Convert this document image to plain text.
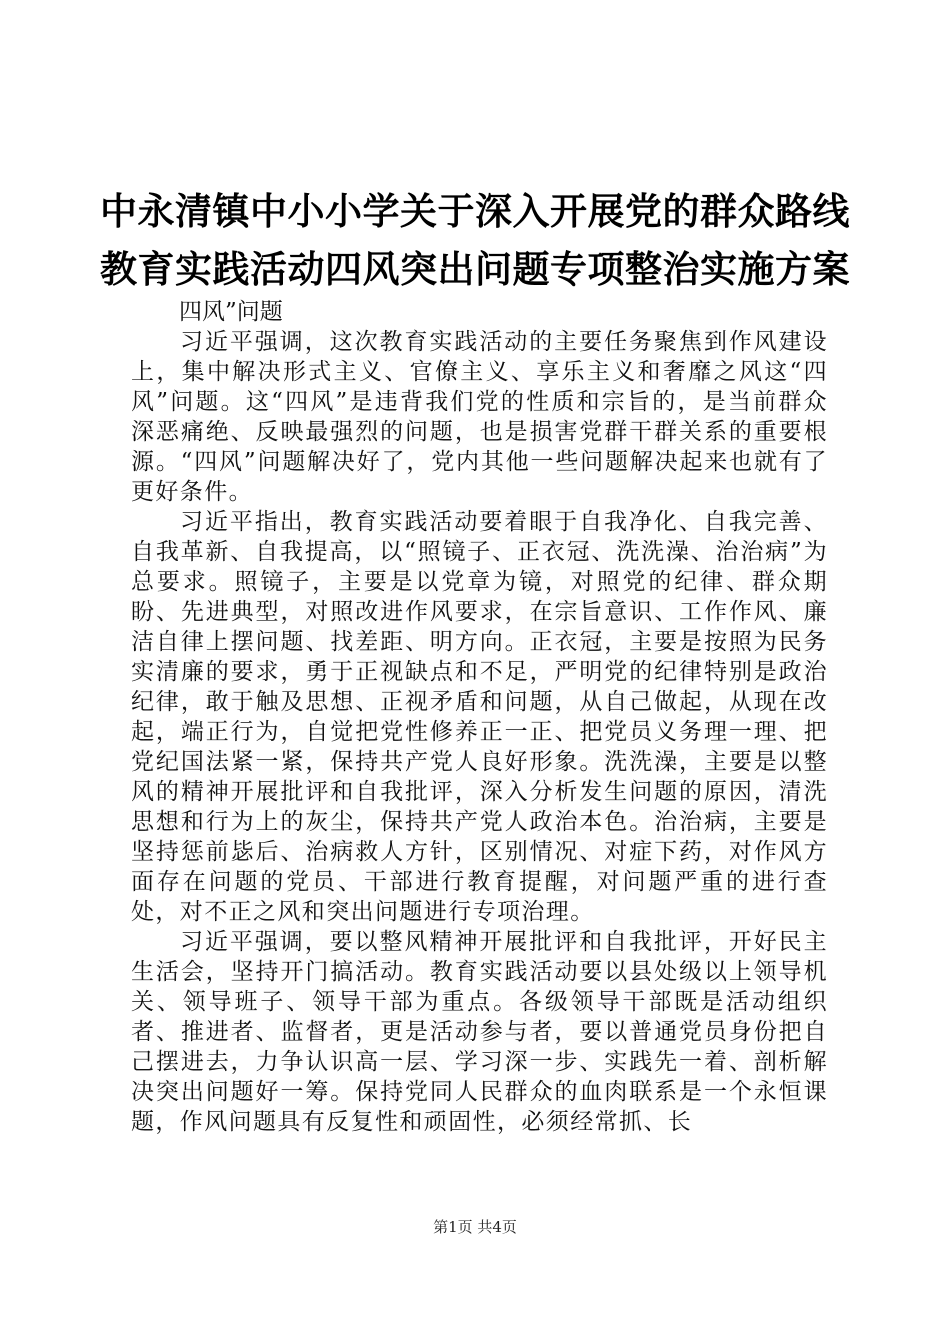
中永清镇中小小学关于深入开展党的群众路线
教育实践活动四风突出问题专项整治实施方案
四风”问题

习近平强调，这次教育实践活动的主要任务聚焦到作风建设上，集中解决形式主义、官僚主义、享乐主义和奢靡之风这“四风”问题。这“四风”是违背我们党的性质和宗旨的，是当前群众深恶痛绝、反映最强烈的问题，也是损害党群干群关系的重要根源。“四风”问题解决好了，党内其他一些问题解决起来也就有了更好条件。

习近平指出，教育实践活动要着眼于自我净化、自我完善、自我革新、自我提高，以“照镜子、正衣冠、洗洗澡、治治病”为总要求。照镜子，主要是以党章为镜，对照党的纪律、群众期盼、先进典型，对照改进作风要求，在宗旨意识、工作作风、廉洁自律上摆问题、找差距、明方向。正衣冠，主要是按照为民务实清廉的要求，勇于正视缺点和不足，严明党的纪律特别是政治纪律，敢于触及思想、正视矛盾和问题，从自己做起，从现在改起，端正行为，自觉把党性修养正一正、把党员义务理一理、把党纪国法紧一紧，保持共产党人良好形象。洗洗澡，主要是以整风的精神开展批评和自我批评，深入分析发生问题的原因，清洗思想和行为上的灰尘，保持共产党人政治本色。治治病，主要是坚持惩前毖后、治病救人方针，区别情况、对症下药，对作风方面存在问题的党员、干部进行教育提醒，对问题严重的进行查处，对不正之风和突出问题进行专项治理。

习近平强调，要以整风精神开展批评和自我批评，开好民主生活会，坚持开门搞活动。教育实践活动要以县处级以上领导机关、领导班子、领导干部为重点。各级领导干部既是活动组织者、推进者、监督者，更是活动参与者，要以普通党员身份把自己摆进去，力争认识高一层、学习深一步、实践先一着、剖析解决突出问题好一筹。保持党同人民群众的血肉联系是一个永恒课题，作风问题具有反复性和顽固性，必须经常抓、长

第1页 共4页
